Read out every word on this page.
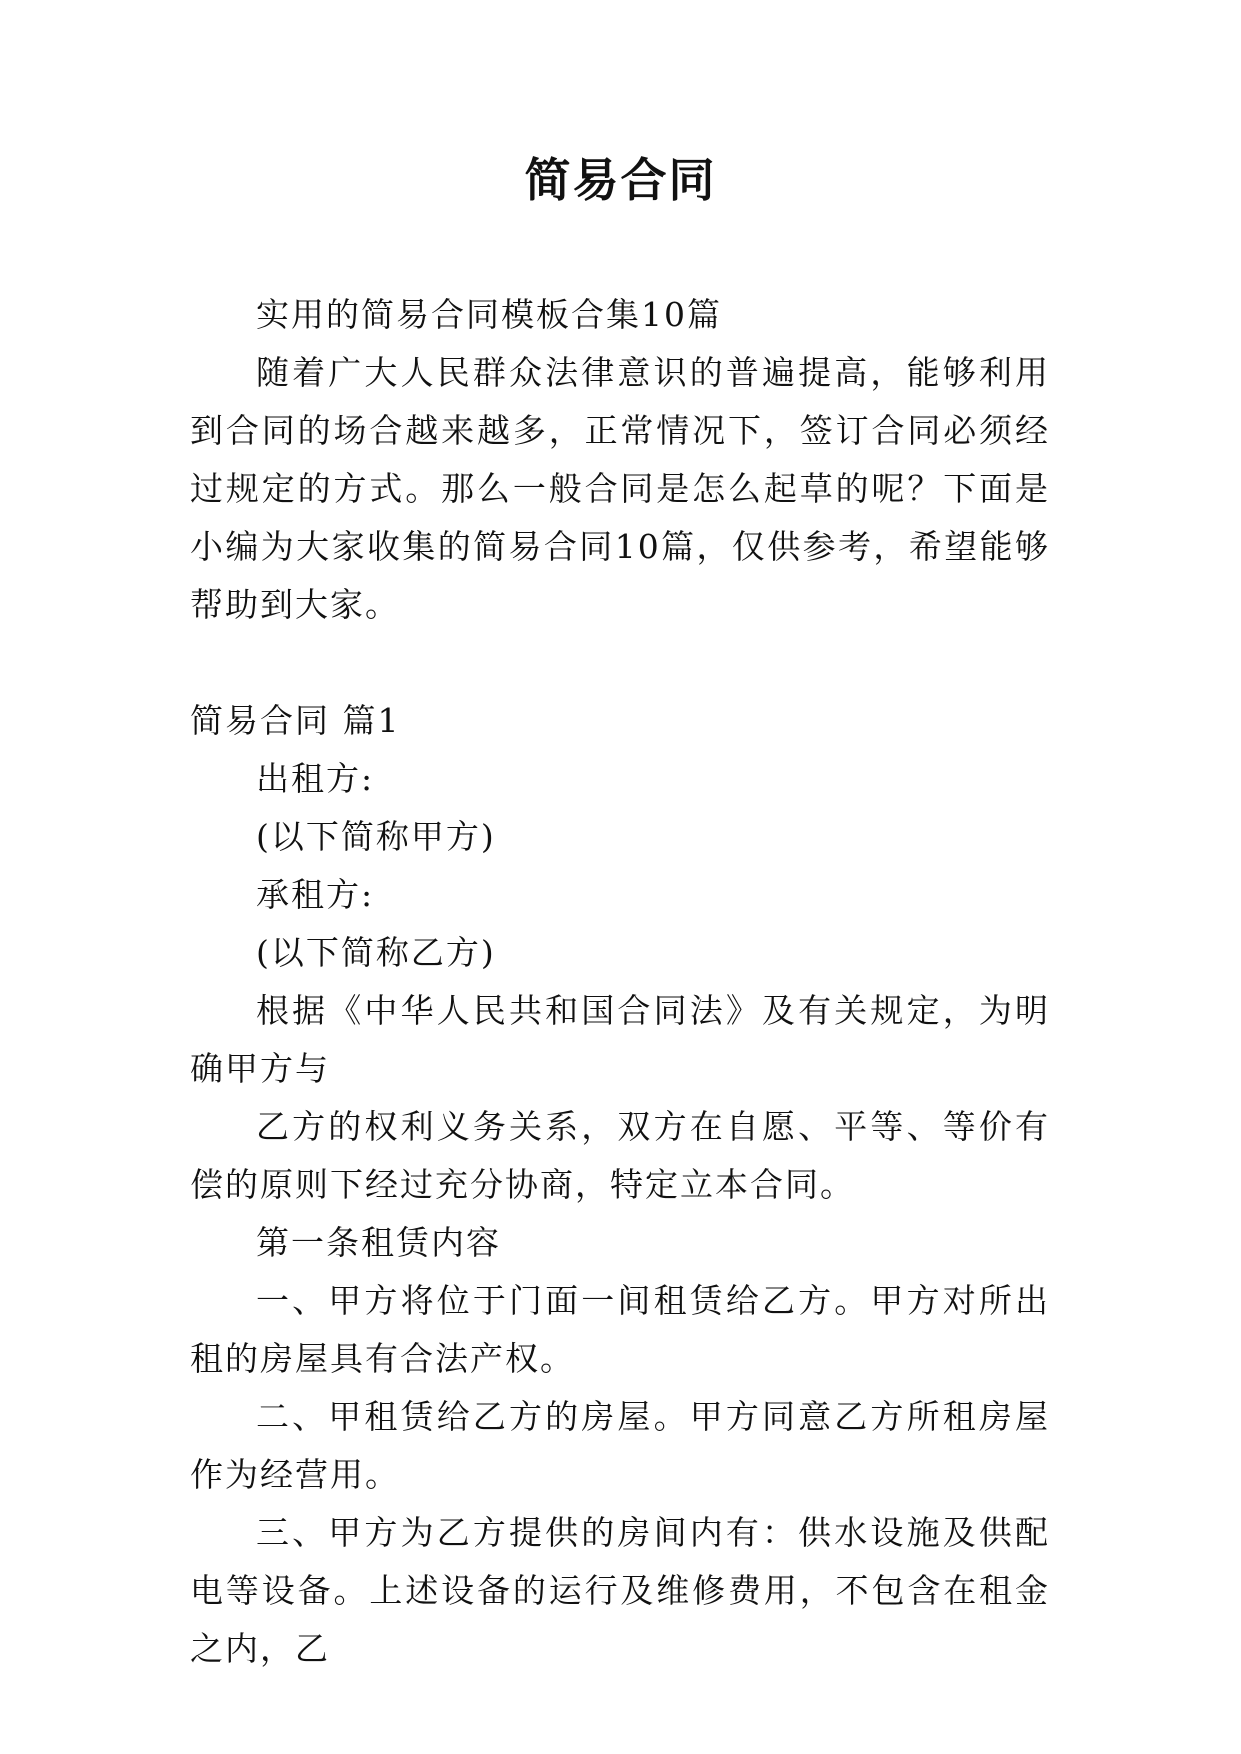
简易合同

实用的简易合同模板合集10篇

随着广大人民群众法律意识的普遍提高，能够利用到合同的场合越来越多，正常情况下，签订合同必须经过规定的方式。那么一般合同是怎么起草的呢？下面是小编为大家收集的简易合同10篇，仅供参考，希望能够帮助到大家。

简易合同 篇1

出租方:

(以下简称甲方)

承租方:

(以下简称乙方)

根据《中华人民共和国合同法》及有关规定，为明确甲方与

乙方的权利义务关系，双方在自愿、平等、等价有偿的原则下经过充分协商，特定立本合同。

第一条租赁内容

一、甲方将位于门面一间租赁给乙方。甲方对所出租的房屋具有合法产权。

二、甲租赁给乙方的房屋。甲方同意乙方所租房屋作为经营用。

三、甲方为乙方提供的房间内有：供水设施及供配电等设备。上述设备的运行及维修费用，不包含在租金之内，乙
